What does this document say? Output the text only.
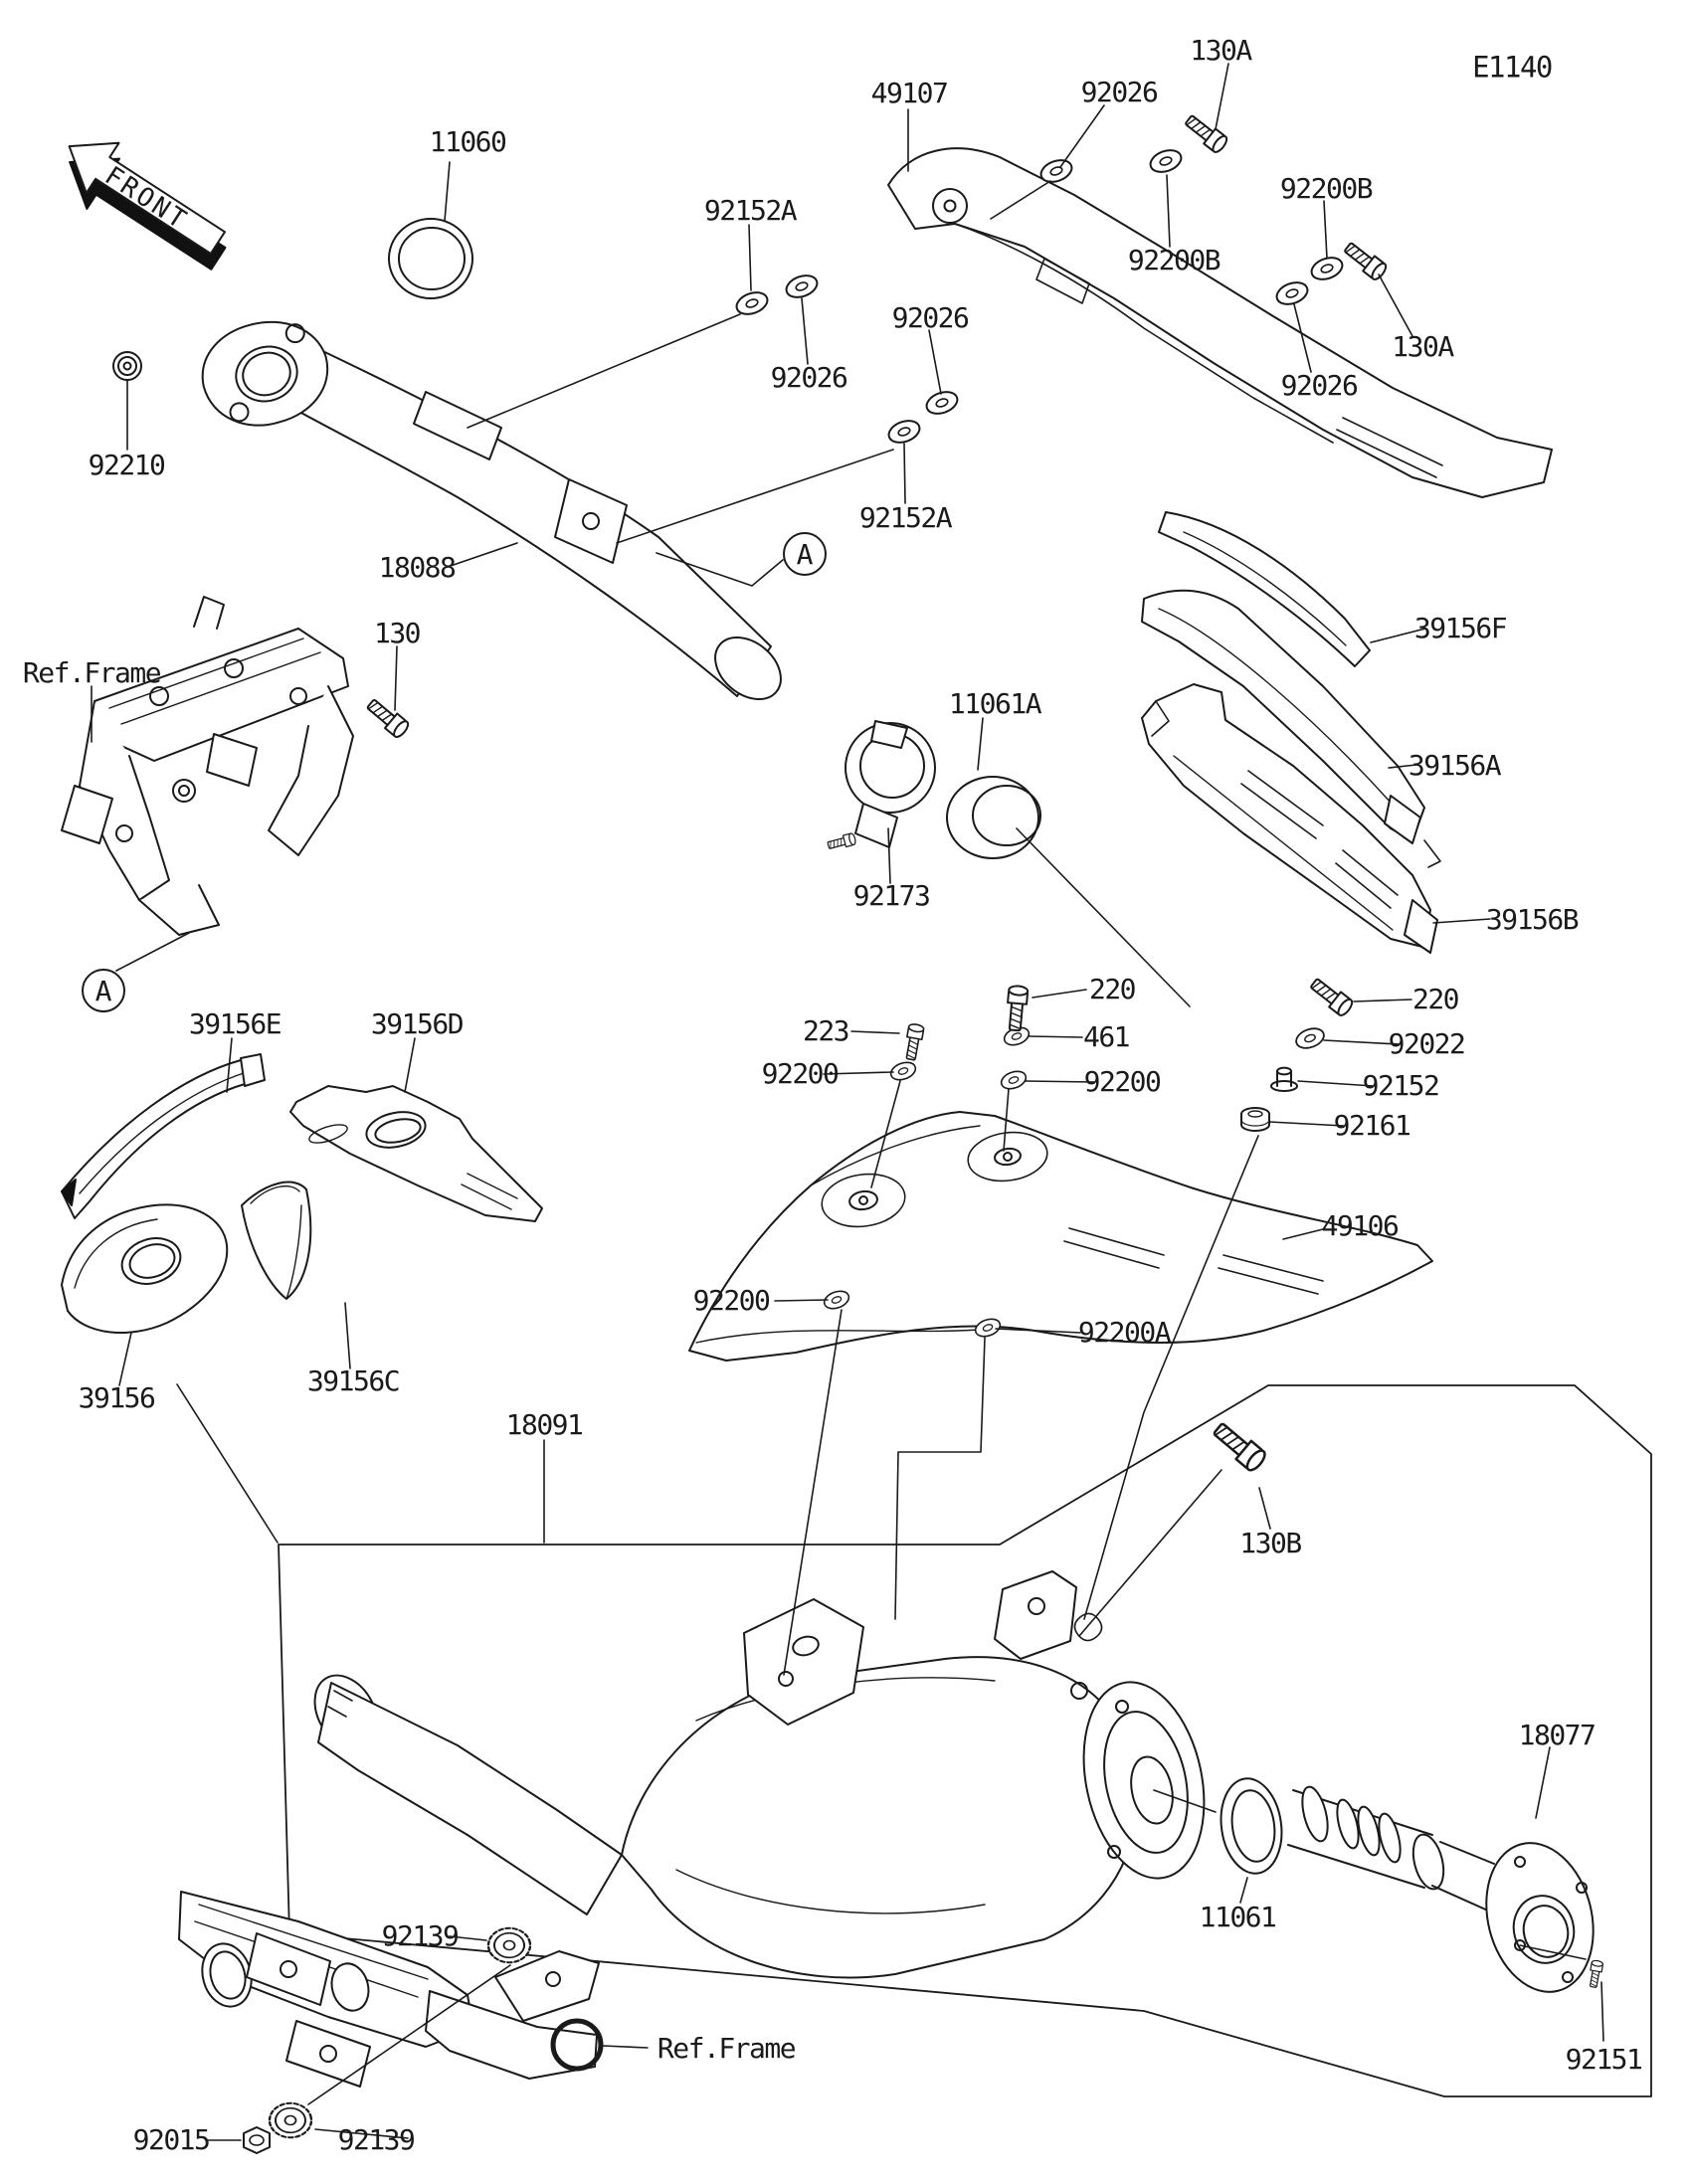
FRONT
A
A
E1140
11060
92210
49107	92026
130A
92200B
92200B
130A
92026
92152A
92026
92026
92152A
18088
130
Ref.Frame
39156F
39156A
39156B
11061A
92173
220
223	461
92200	92200
220
92022
92152
92161
49106
39156E	39156D
39156
39156C
18091
92200
92200A
130B
18077
11061
92151
92139
92139
92015
Ref.Frame
